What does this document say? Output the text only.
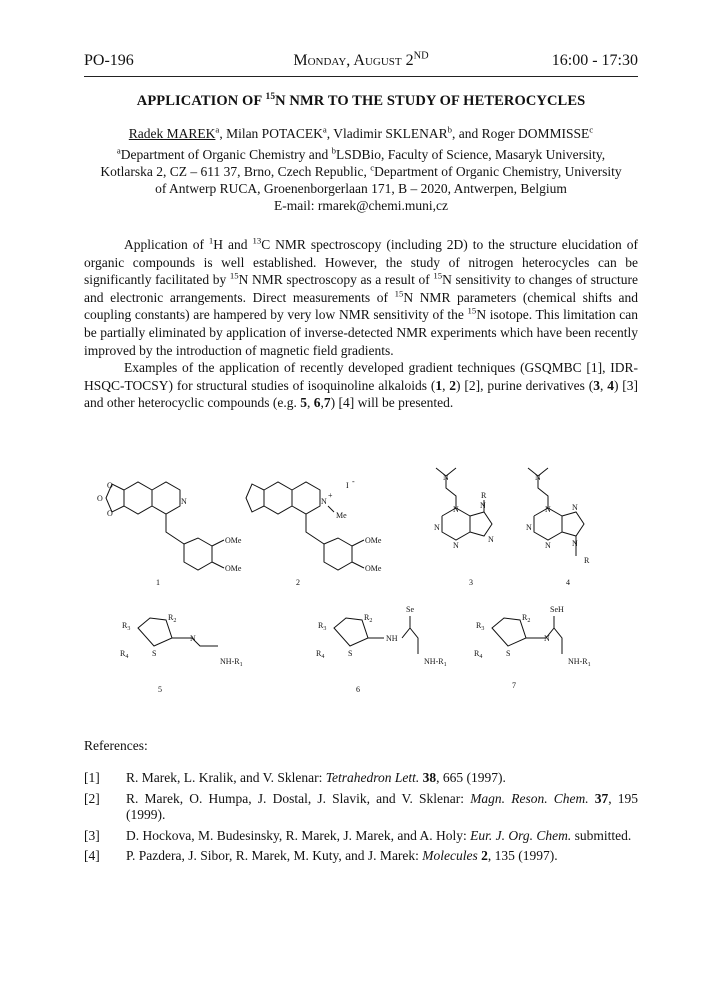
PO-196	Monday, August 2ND	16:00 - 17:30
APPLICATION OF $^{15}$N NMR TO THE STUDY OF HETEROCYCLES
Radek MAREK$^a$, Milan POTACEK$^a$, Vladimir SKLENAR$^b$, and Roger DOMMISSE$^c$
$^a$Department of Organic Chemistry and $^b$LSDBio, Faculty of Science, Masaryk University,
Kotlarska 2, CZ – 611 37, Brno, Czech Republic, $^c$Department of Organic Chemistry, University
of Antwerp RUCA, Groenenborgerlaan 171, B – 2020, Antwerpen, Belgium
E-mail: rmarek@chemi.muni,cz

Application of $^1$H and $^{13}$C NMR spectroscopy (including 2D) to the structure elucidation of organic compounds is well established. However, the study of nitrogen heterocycles can be significantly facilitated by $^{15}$N NMR spectroscopy as a result of $^{15}$N sensitivity to changes of structure and electronic arrangements. Direct measurements of $^{15}$N NMR parameters (chemical shifts and coupling constants) are hampered by very low NMR sensitivity of the $^{15}$N isotope. This limitation can be partially eliminated by application of inverse-detected NMR experiments which have been recently improved by the introduction of magnetic field gradients.

Examples of the application of recently developed gradient techniques (GSQMBC [1], IDR-HSQC-TOCSY) for structural studies of isoquinoline alkaloids (1, 2) [2], purine derivatives (3, 4) [3] and other heterocyclic compounds (e.g. 5, 6,7) [4] will be presented.

O
O
O
N
OMe
OMe
1
N
+
I -
Me
OMe
OMe
2
N
N	N
R
N
N
N
3
N
N
N
N
N
N
R
4
$R_3$
$R_2$
$R_4$	S
N
$NH-R_1$
5
$R_3$
$R_2$
$R_4$	S
NH
Se
$NH-R_1$
6
$R_3$
$R_2$
$R_4$	S
N
SeH
$NH-R_1$
7
References:
[1]	R. Marek, L. Kralik, and V. Sklenar: Tetrahedron Lett. 38, 665 (1997).
[2]	R. Marek, O. Humpa, J. Dostal, J. Slavik, and V. Sklenar: Magn. Reson. Chem. 37, 195 (1999).
[3]	D. Hockova, M. Budesinsky, R. Marek, J. Marek, and A. Holy: Eur. J. Org. Chem. submitted.
[4]	P. Pazdera, J. Sibor, R. Marek, M. Kuty, and J. Marek: Molecules 2, 135 (1997).
